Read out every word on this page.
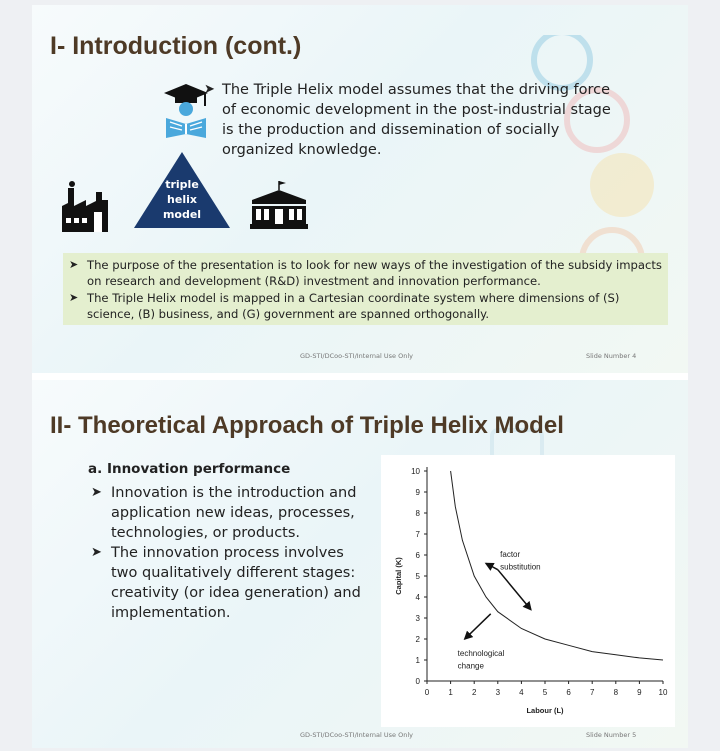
I- Introduction (cont.)
triple
helix
model
➤ The Triple Helix model assumes that the driving force of economic development in the post-industrial stage is the production and dissemination of socially organized knowledge.
➤ The purpose of the presentation is to look for new ways of the investigation of the subsidy impacts on research and development (R&D) investment and innovation performance.
➤ The Triple Helix model is mapped in a Cartesian coordinate system where dimensions of (S) science, (B) business, and (G) government are spanned orthogonally.
GD-STI/DCoo-STI/Internal Use Only	Slide Number 4
II- Theoretical Approach of Triple Helix Model
a. Innovation performance
➤ Innovation is the introduction and application new ideas, processes, technologies, or products.
➤ The innovation process involves two qualitatively different stages: creativity (or idea generation) and implementation.
0 1 2 3 4 5 6 7 8 9 10
0
1
2
3
4
5
6
7
8
9
10
Labour (L)
Capital (K)
factor
substitution
technological
change
GD-STI/DCoo-STI/Internal Use Only	Slide Number 5
